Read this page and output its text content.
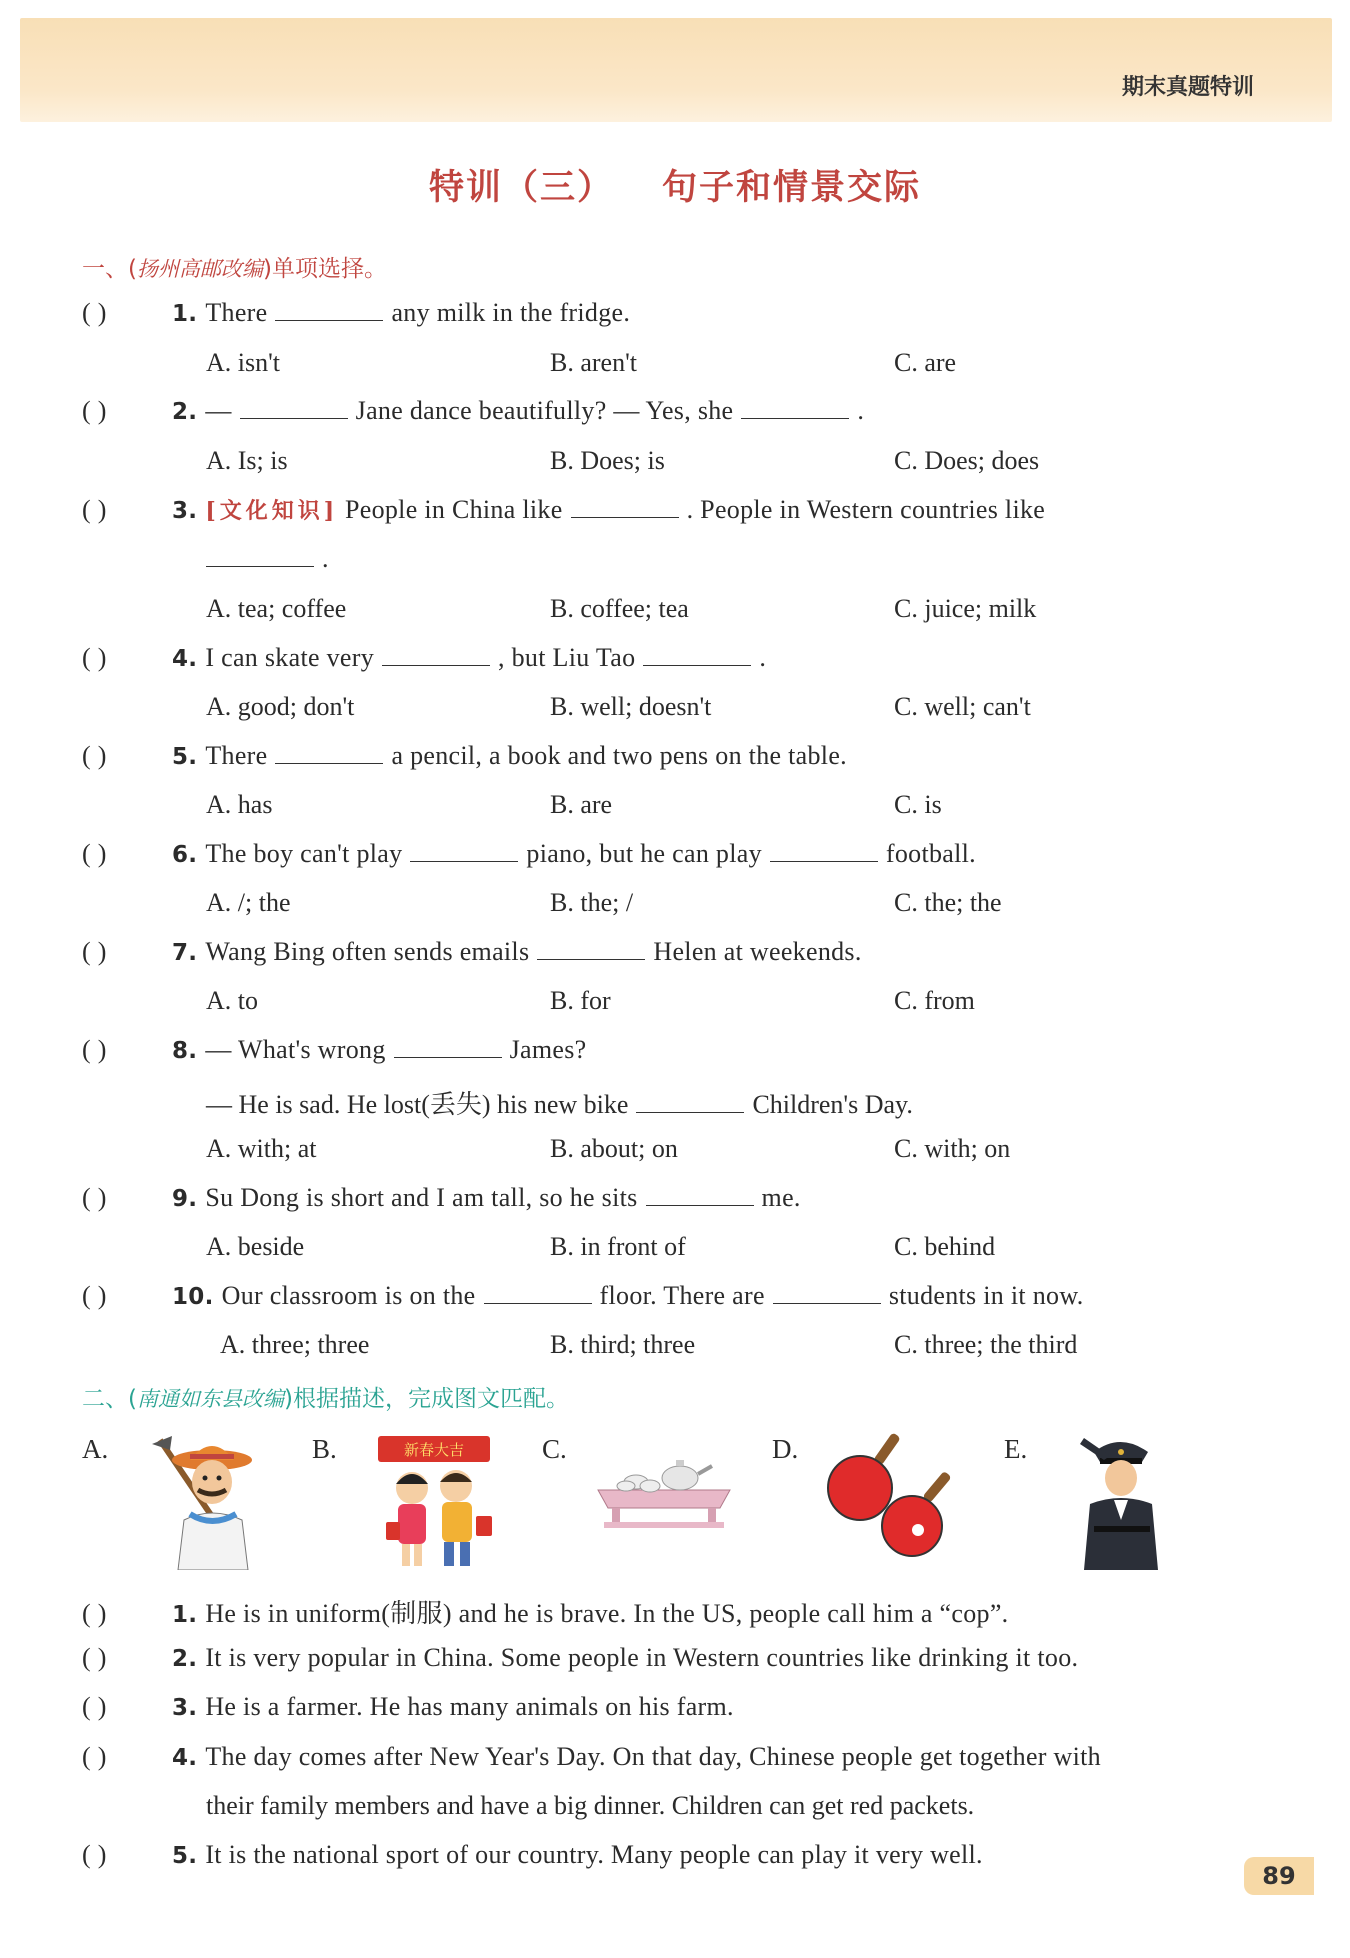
期末真题特训
特训（三） 句子和情景交际
一、(扬州高邮改编)单项选择。
( )	1. There	any milk in the fridge.
A. isn't	B. aren't	C. are
( )	2. —	Jane dance beautifully? — Yes, she	.
A. Is; is	B. Does; is	C. Does; does
( )	3. [文化知识] People in China like	. People in Western countries like
.
A. tea; coffee	B. coffee; tea	C. juice; milk
( )	4. I can skate very	, but Liu Tao	.
A. good; don't	B. well; doesn't	C. well; can't
( )	5. There	a pencil, a book and two pens on the table.
A. has	B. are	C. is
( )	6. The boy can't play	piano, but he can play	football.
A. /; the	B. the; /	C. the; the
( )	7. Wang Bing often sends emails	Helen at weekends.
A. to	B. for	C. from
( )	8. — What's wrong	James?
— He is sad. He lost(丢失) his new bike	Children's Day.
A. with; at	B. about; on	C. with; on
( )	9. Su Dong is short and I am tall, so he sits	me.
A. beside	B. in front of	C. behind
( )	10. Our classroom is on the	floor. There are	students in it now.
A. three; three	B. third; three	C. three; the third
二、(南通如东县改编)根据描述，完成图文匹配。
A.	B.	C.	D.	E.
新春大吉
( )	1. He is in uniform(制服) and he is brave. In the US, people call him a “cop”.
( )	2. It is very popular in China. Some people in Western countries like drinking it too.
( )	3. He is a farmer. He has many animals on his farm.
( )	4. The day comes after New Year's Day. On that day, Chinese people get together with
their family members and have a big dinner. Children can get red packets.
( )	5. It is the national sport of our country. Many people can play it very well.
89
